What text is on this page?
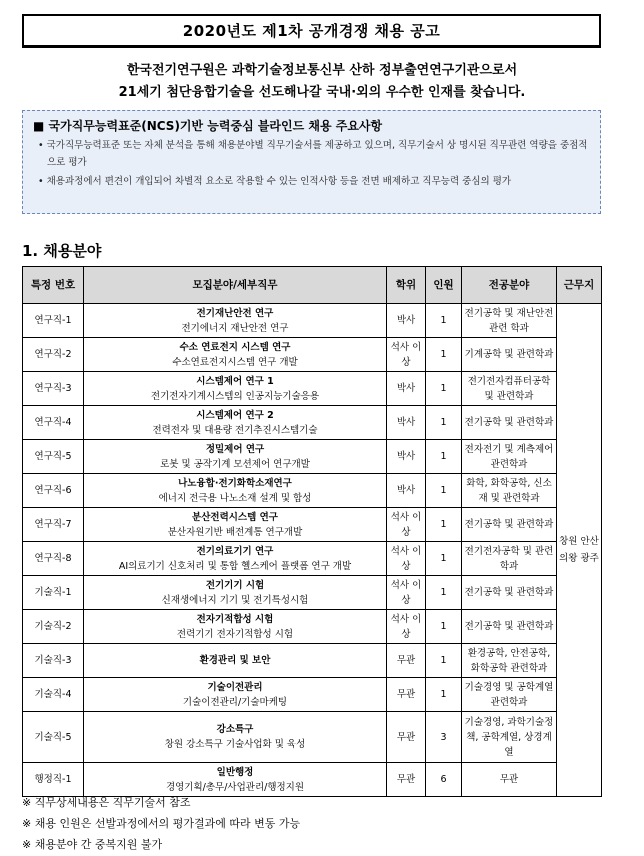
2020년도 제1차 공개경쟁 채용 공고
한국전기연구원은 과학기술정보통신부 산하 정부출연연구기관으로서
21세기 첨단융합기술을 선도해나갈 국내·외의 우수한 인재를 찾습니다.
■ 국가직무능력표준(NCS)기반 능력중심 블라인드 채용 주요사항
• 국가직무능력표준 또는 자체 분석을 통해 채용분야별 직무기술서를 제공하고 있으며, 직무기술서 상 명시된 직무관련 역량을 중점적으로 평가
• 채용과정에서 편견이 개입되어 차별적 요소로 작용할 수 있는 인적사항 등을 전면 배제하고 직무능력 중심의 평가
1. 채용분야
특정 번호	모집분야/세부직무	학위	인원	전공분야	근무지
연구직-1	전기재난안전 연구
전기에너지 재난안전 연구	박사	1	전기공학 및 재난안전관련 학과	창원 안산 의왕 광주
연구직-2	수소 연료전지 시스템 연구
수소연료전지시스템 연구 개발	석사 이상	1	기계공학 및 관련학과	
연구직-3	시스템제어 연구 1
전기전자기계시스템의 인공지능기술응용	박사	1	전기전자컴퓨터공학 및 관련학과	
연구직-4	시스템제어 연구 2
전력전자 및 대용량 전기추진시스템기술	박사	1	전기공학 및 관련학과	
연구직-5	정밀제어 연구
로봇 및 공작기계 모션제어 연구개발	박사	1	전자전기 및 계측제어 관련학과	
연구직-6	나노융합·전기화학소재연구
에너지 전극용 나노소재 설계 및 합성	박사	1	화학, 화학공학, 신소재 및 관련학과	
연구직-7	분산전력시스템 연구
분산자원기반 배전계통 연구개발	석사 이상	1	전기공학 및 관련학과	
연구직-8	전기의료기기 연구
AI의료기기 신호처리 및 통합 헬스케어 플랫폼 연구 개발	석사 이상	1	전기전자공학 및 관련학과	
기술직-1	전기기기 시험
신재생에너지 기기 및 전기특성시험	석사 이상	1	전기공학 및 관련학과	
기술직-2	전자기적합성 시험
전력기기 전자기적합성 시험	석사 이상	1	전기공학 및 관련학과	
기술직-3	환경관리 및 보안	무관	1	환경공학, 안전공학, 화학공학 관련학과	
기술직-4	기술이전관리
기술이전관리/기술마케팅	무관	1	기술경영 및 공학계열 관련학과	
기술직-5	강소특구
창원 강소특구 기술사업화 및 육성	무관	3	기술경영, 과학기술정책, 공학계열, 상경계열	
행정직-1	일반행정
경영기획/총무/사업관리/행정지원	무관	6	무관	
※ 직무상세내용은 직무기술서 참조
※ 채용 인원은 선발과정에서의 평가결과에 따라 변동 가능
※ 채용분야 간 중복지원 불가
